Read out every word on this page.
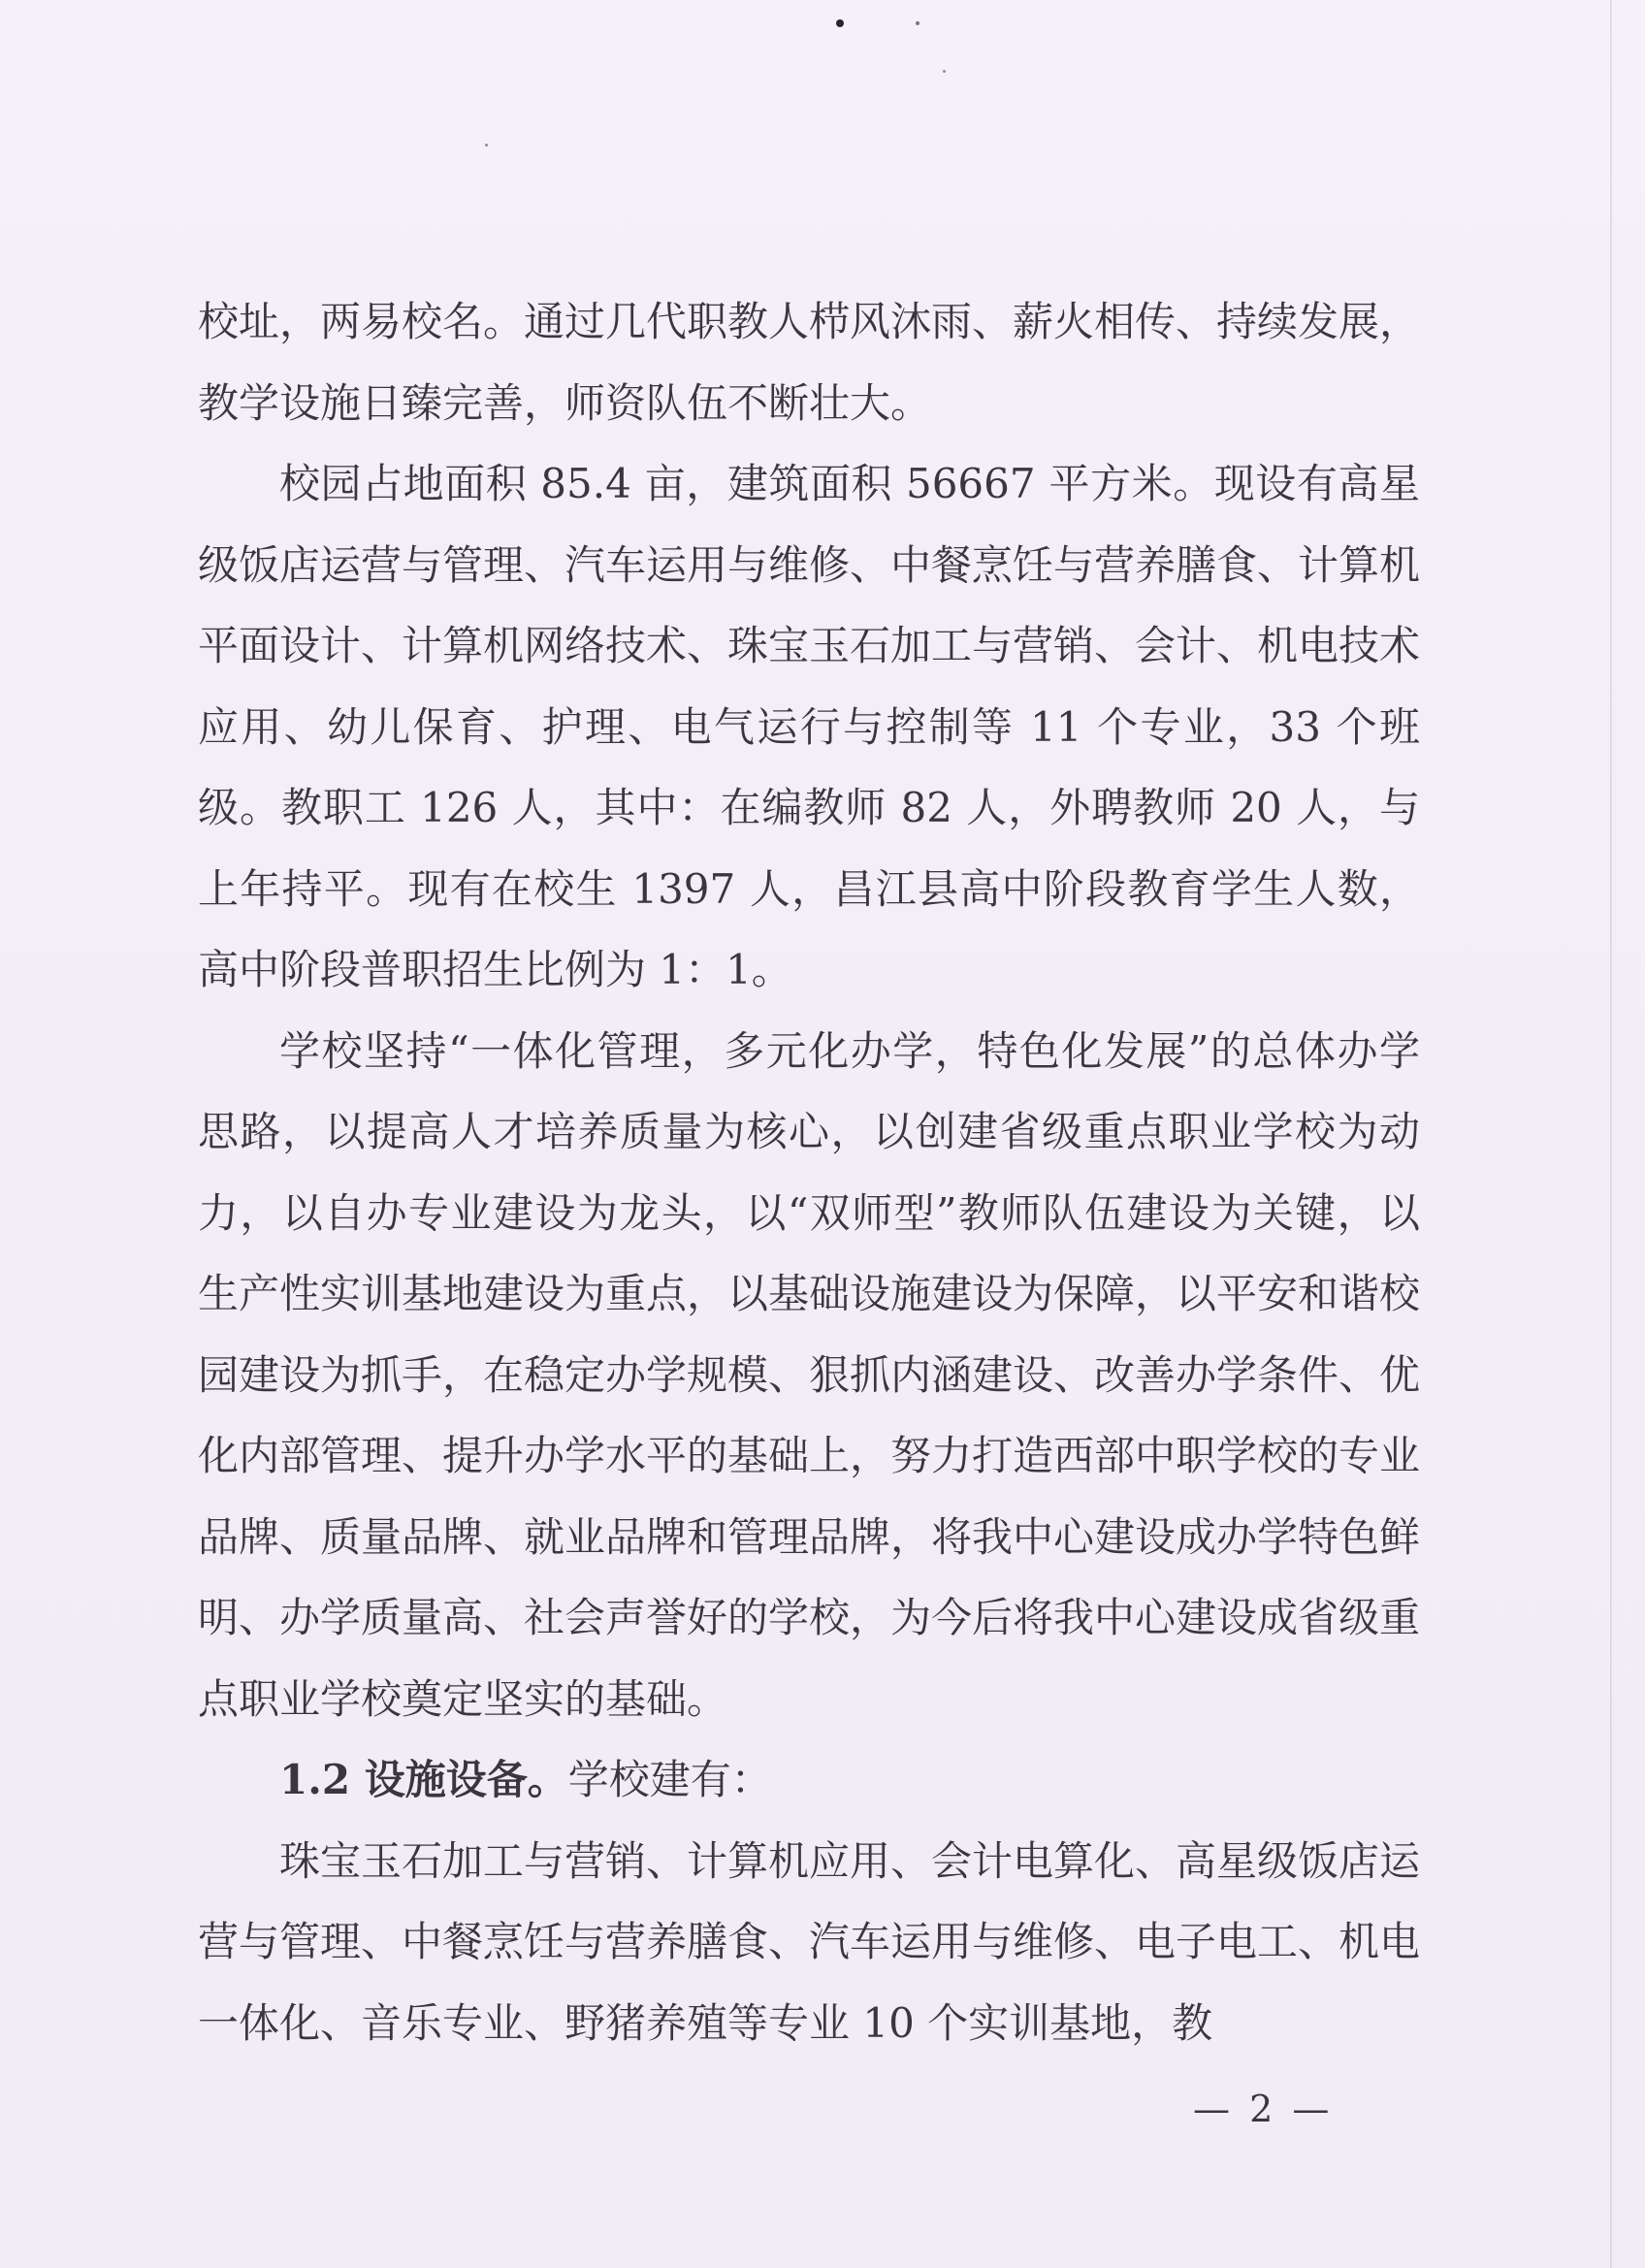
校址，两易校名。通过几代职教人栉风沐雨、薪火相传、持续发展，教学设施日臻完善，师资队伍不断壮大。

校园占地面积 85.4 亩，建筑面积 56667 平方米。现设有高星级饭店运营与管理、汽车运用与维修、中餐烹饪与营养膳食、计算机平面设计、计算机网络技术、珠宝玉石加工与营销、会计、机电技术应用、幼儿保育、护理、电气运行与控制等 11 个专业，33 个班级。教职工 126 人，其中：在编教师 82 人，外聘教师 20 人，与上年持平。现有在校生 1397 人，昌江县高中阶段教育学生人数，高中阶段普职招生比例为 1：1。

学校坚持“一体化管理，多元化办学，特色化发展”的总体办学思路，以提高人才培养质量为核心，以创建省级重点职业学校为动力，以自办专业建设为龙头，以“双师型”教师队伍建设为关键，以生产性实训基地建设为重点，以基础设施建设为保障，以平安和谐校园建设为抓手，在稳定办学规模、狠抓内涵建设、改善办学条件、优化内部管理、提升办学水平的基础上，努力打造西部中职学校的专业品牌、质量品牌、就业品牌和管理品牌，将我中心建设成办学特色鲜明、办学质量高、社会声誉好的学校，为今后将我中心建设成省级重点职业学校奠定坚实的基础。

1.2 设施设备。学校建有：

珠宝玉石加工与营销、计算机应用、会计电算化、高星级饭店运营与管理、中餐烹饪与营养膳食、汽车运用与维修、电子电工、机电一体化、音乐专业、野猪养殖等专业 10 个实训基地，教

— 2 —
